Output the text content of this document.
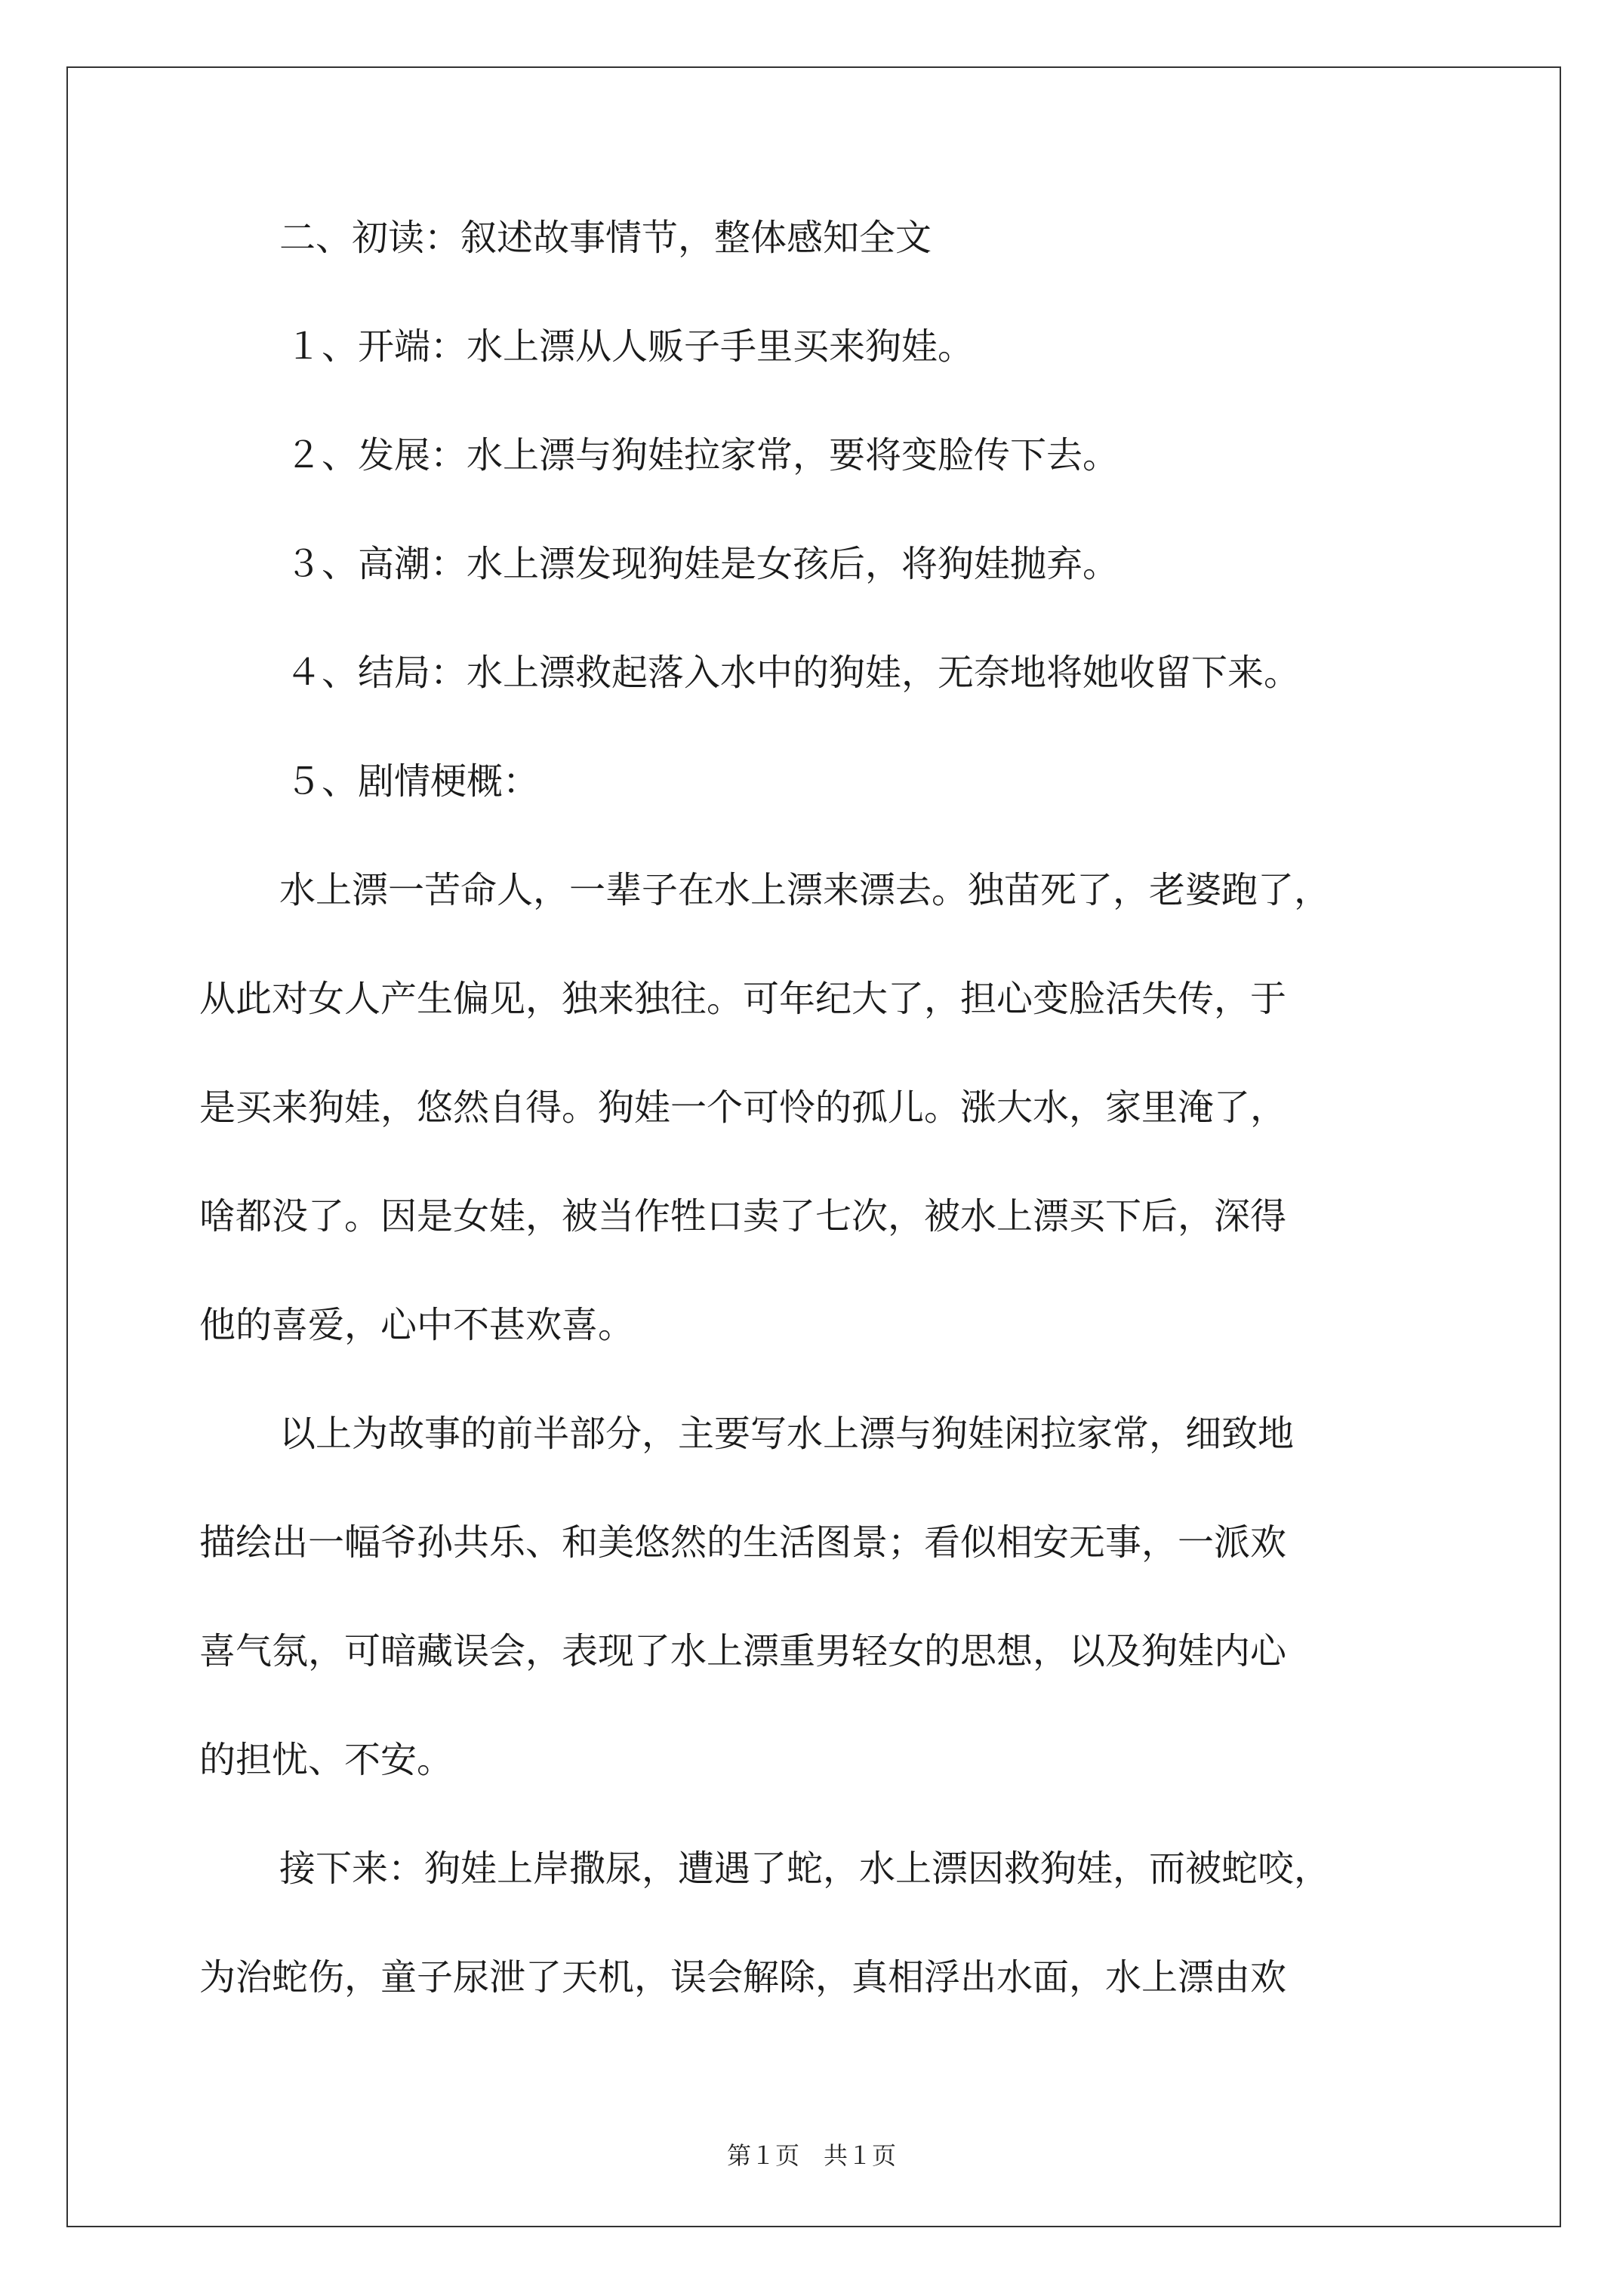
二、初读：叙述故事情节，整体感知全文
１、开端：水上漂从人贩子手里买来狗娃。
２、发展：水上漂与狗娃拉家常，要将变脸传下去。
３、高潮：水上漂发现狗娃是女孩后，将狗娃抛弃。
４、结局：水上漂救起落入水中的狗娃，无奈地将她收留下来。
５、剧情梗概：
水上漂一苦命人，一辈子在水上漂来漂去。独苗死了，老婆跑了，
从此对女人产生偏见，独来独往。可年纪大了，担心变脸活失传，于
是买来狗娃，悠然自得。狗娃一个可怜的孤儿。涨大水，家里淹了，
啥都没了。因是女娃，被当作牲口卖了七次，被水上漂买下后，深得
他的喜爱，心中不甚欢喜。
以上为故事的前半部分，主要写水上漂与狗娃闲拉家常，细致地
描绘出一幅爷孙共乐、和美悠然的生活图景；看似相安无事，一派欢
喜气氛，可暗藏误会，表现了水上漂重男轻女的思想，以及狗娃内心
的担忧、不安。
接下来：狗娃上岸撒尿，遭遇了蛇，水上漂因救狗娃，而被蛇咬，
为治蛇伤，童子尿泄了天机，误会解除，真相浮出水面，水上漂由欢
第１页　共１页
